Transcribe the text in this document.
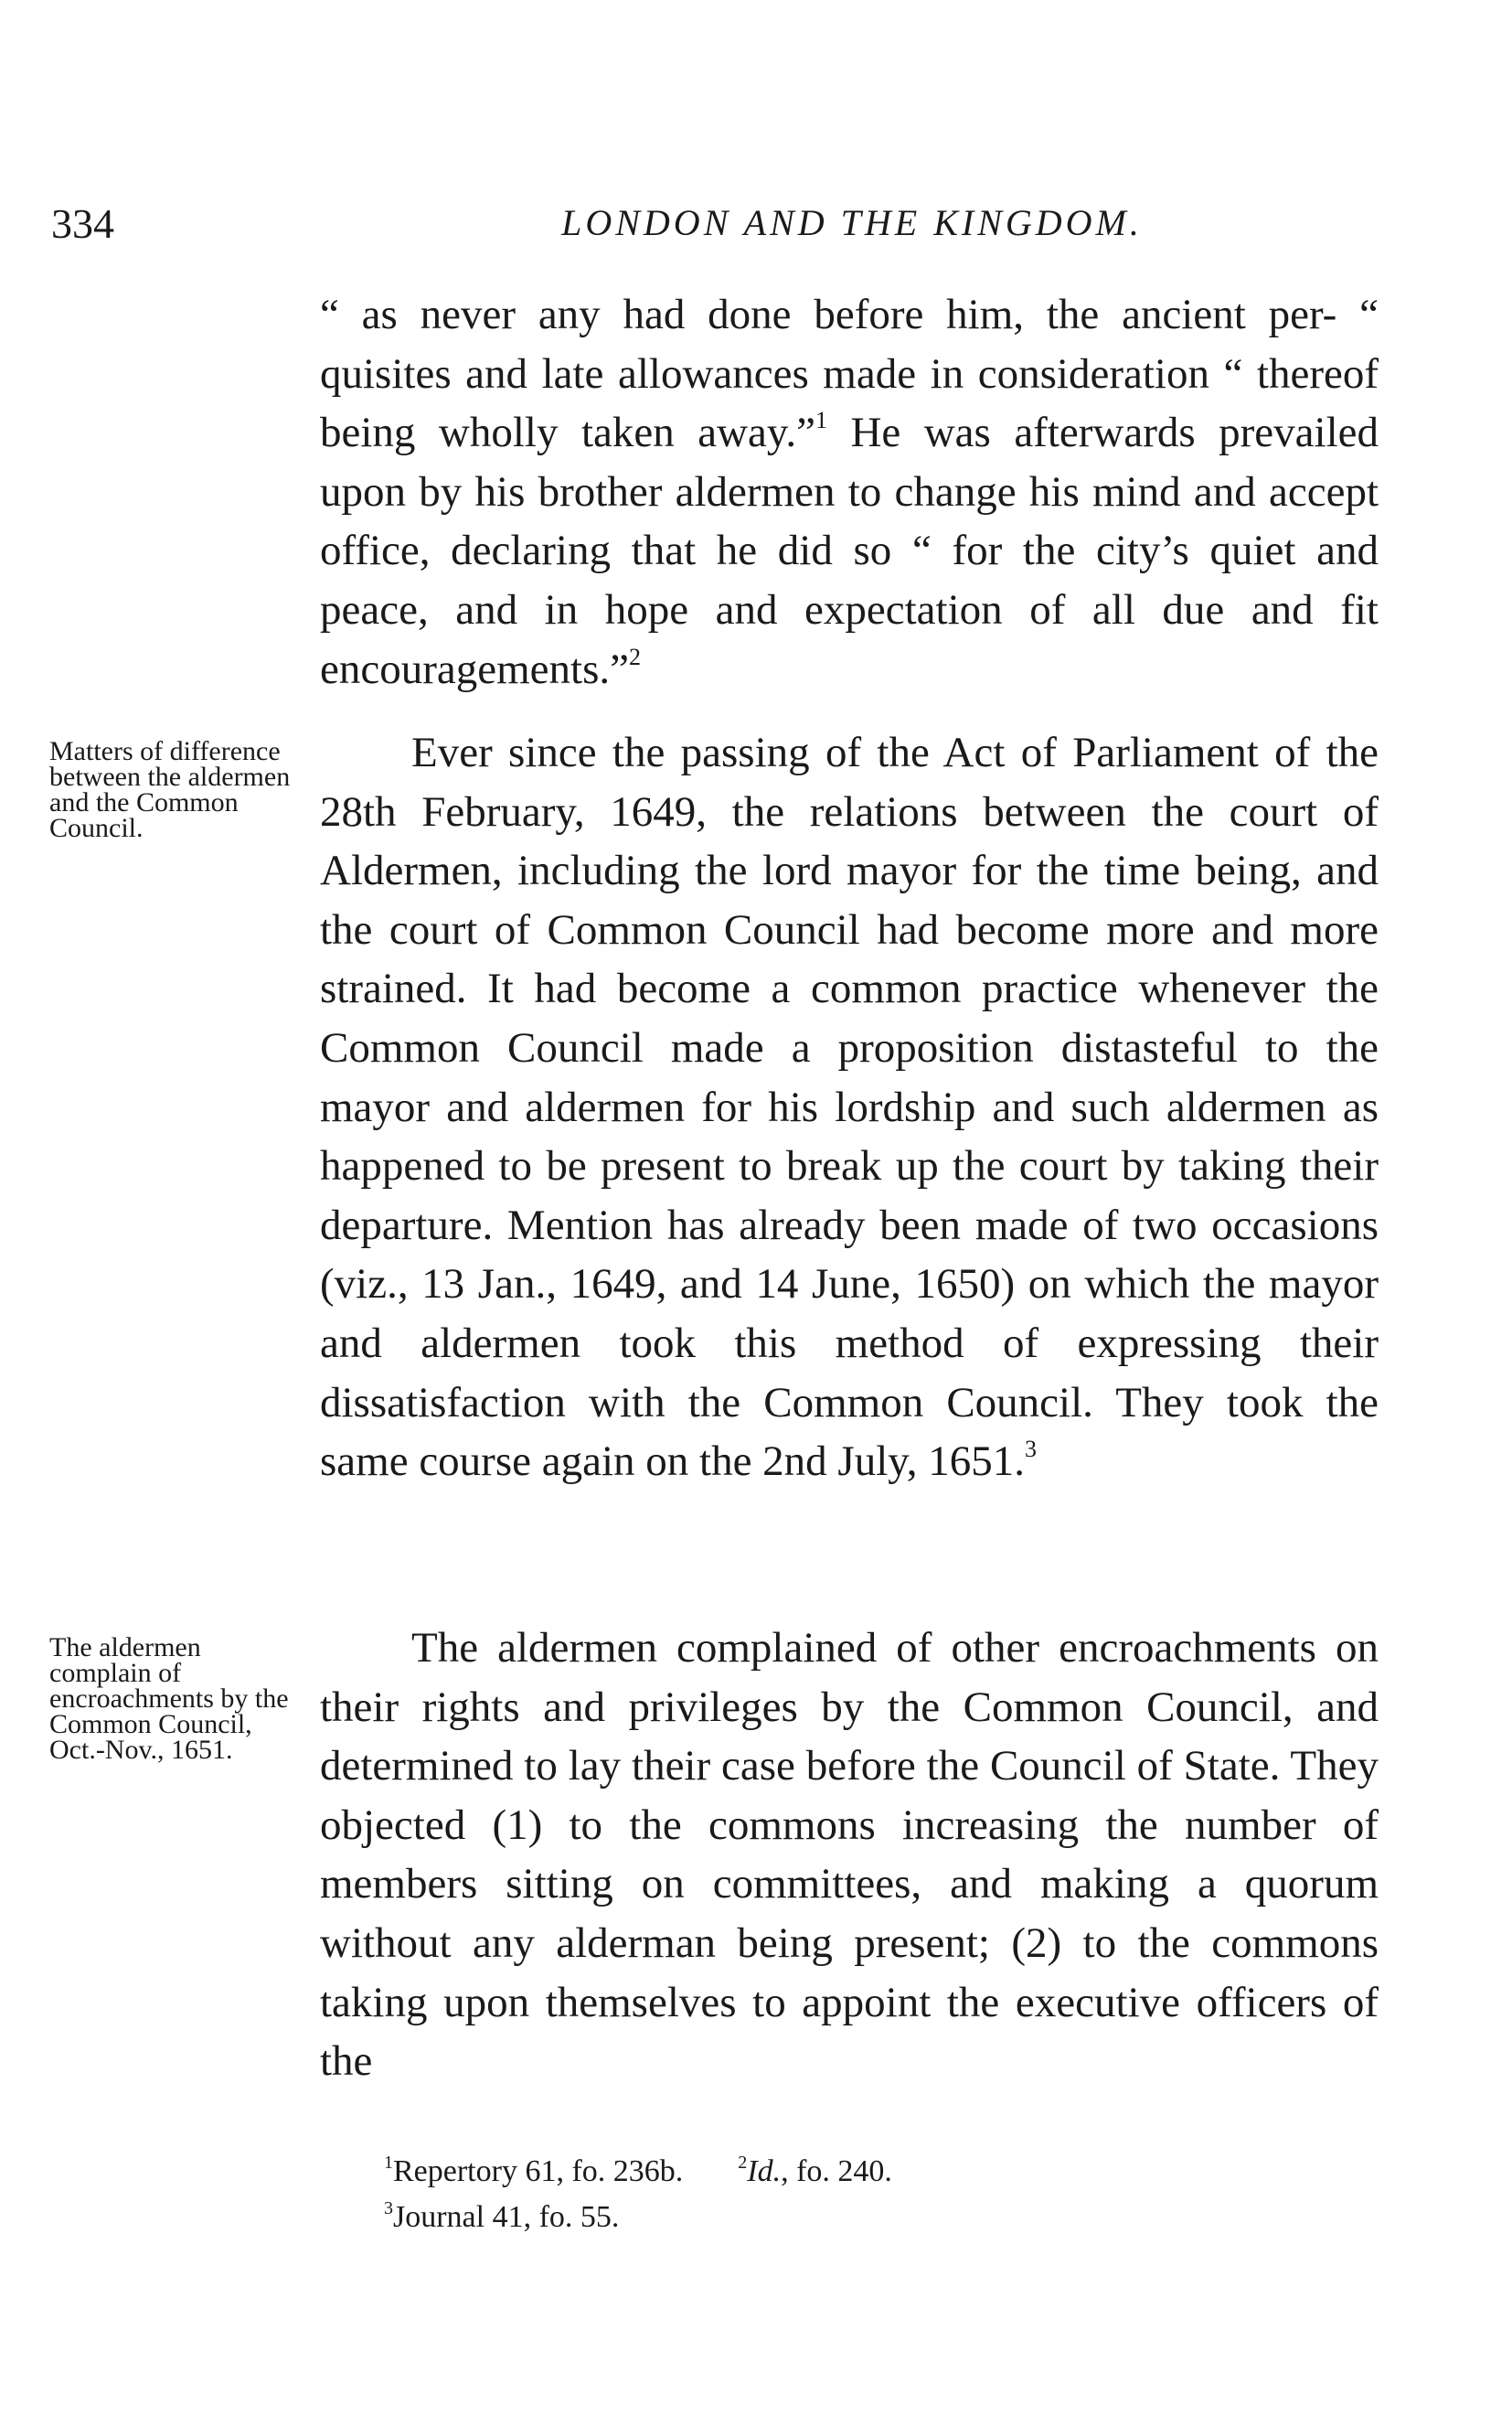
334	LONDON AND THE KINGDOM.

“ as never any had done before him, the ancient per- “ quisites and late allowances made in consideration “ thereof being wholly taken away.”$^1$ He was afterwards prevailed upon by his brother aldermen to change his mind and accept office, declaring that he did so “ for the city’s quiet and peace, and in hope and expectation of all due and fit encouragements.”$^2$

Matters of difference between the aldermen and the Common Council.

Ever since the passing of the Act of Parliament of the 28th February, 1649, the relations between the court of Aldermen, including the lord mayor for the time being, and the court of Common Council had become more and more strained. It had become a common practice whenever the Common Council made a proposition distasteful to the mayor and aldermen for his lordship and such aldermen as happened to be present to break up the court by taking their departure. Mention has already been made of two occasions (viz., 13 Jan., 1649, and 14 June, 1650) on which the mayor and aldermen took this method of expressing their dissatisfaction with the Common Council. They took the same course again on the 2nd July, 1651.$^3$

The aldermen complain of encroachments by the Common Council, Oct.-Nov., 1651.

The aldermen complained of other encroachments on their rights and privileges by the Common Council, and determined to lay their case before the Council of State. They objected (1) to the commons increasing the number of members sitting on committees, and making a quorum without any alderman being present; (2) to the commons taking upon themselves to appoint the executive officers of the

$^1$Repertory 61, fo. 236b.	$^2$Id., fo. 240.
$^3$Journal 41, fo. 55.
